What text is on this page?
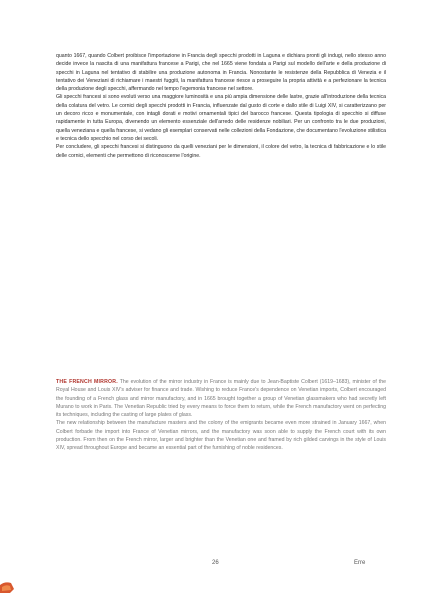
quanto 1667, quando Colbert proibisce l'importazione in Francia degli specchi prodotti in Laguna e dichiara pronti gli indugi, nello stesso anno decide invece la nascita di una manifattura francese a Parigi, che nel 1665 viene fondata a Parigi sul modello dell'arte e della produzione di specchi in Laguna nel tentativo di stabilire una produzione autonoma in Francia. Nonostante le resistenze della Repubblica di Venezia e il tentativo dei Veneziani di richiamare i maestri fuggiti, la manifattura francese riesce a proseguire la propria attività e a perfezionare la tecnica della produzione degli specchi, affermando nel tempo l'egemonia francese nel settore.

Gli specchi francesi si sono evoluti verso una maggiore luminosità e una più ampia dimensione delle lastre, grazie all'introduzione della tecnica della colatura del vetro. Le cornici degli specchi prodotti in Francia, influenzate dal gusto di corte e dallo stile di Luigi XIV, si caratterizzano per un decoro ricco e monumentale, con intagli dorati e motivi ornamentali tipici del barocco francese. Questa tipologia di specchio si diffuse rapidamente in tutta Europa, divenendo un elemento essenziale dell'arredo delle residenze nobiliari. Per un confronto tra le due produzioni, quella veneziana e quella francese, si vedano gli esemplari conservati nelle collezioni della Fondazione, che documentano l'evoluzione stilistica e tecnica dello specchio nel corso dei secoli.

Per concludere, gli specchi francesi si distinguono da quelli veneziani per le dimensioni, il colore del vetro, la tecnica di fabbricazione e lo stile delle cornici, elementi che permettono di riconoscerne l'origine.

THE FRENCH MIRROR. The evolution of the mirror industry in France is mainly due to Jean-Baptiste Colbert (1619–1683), minister of the Royal House and Louis XIV's adviser for finance and trade. Wishing to reduce France's dependence on Venetian imports, Colbert encouraged the founding of a French glass and mirror manufactory, and in 1665 brought together a group of Venetian glassmakers who had secretly left Murano to work in Paris. The Venetian Republic tried by every means to force them to return, while the French manufactory went on perfecting its techniques, including the casting of large plates of glass.

The new relationship between the manufacture masters and the colony of the emigrants became even more strained in January 1667, when Colbert forbade the import into France of Venetian mirrors, and the manufactory was soon able to supply the French court with its own production. From then on the French mirror, larger and brighter than the Venetian one and framed by rich gilded carvings in the style of Louis XIV, spread throughout Europe and became an essential part of the furnishing of noble residences.

26	Erre
